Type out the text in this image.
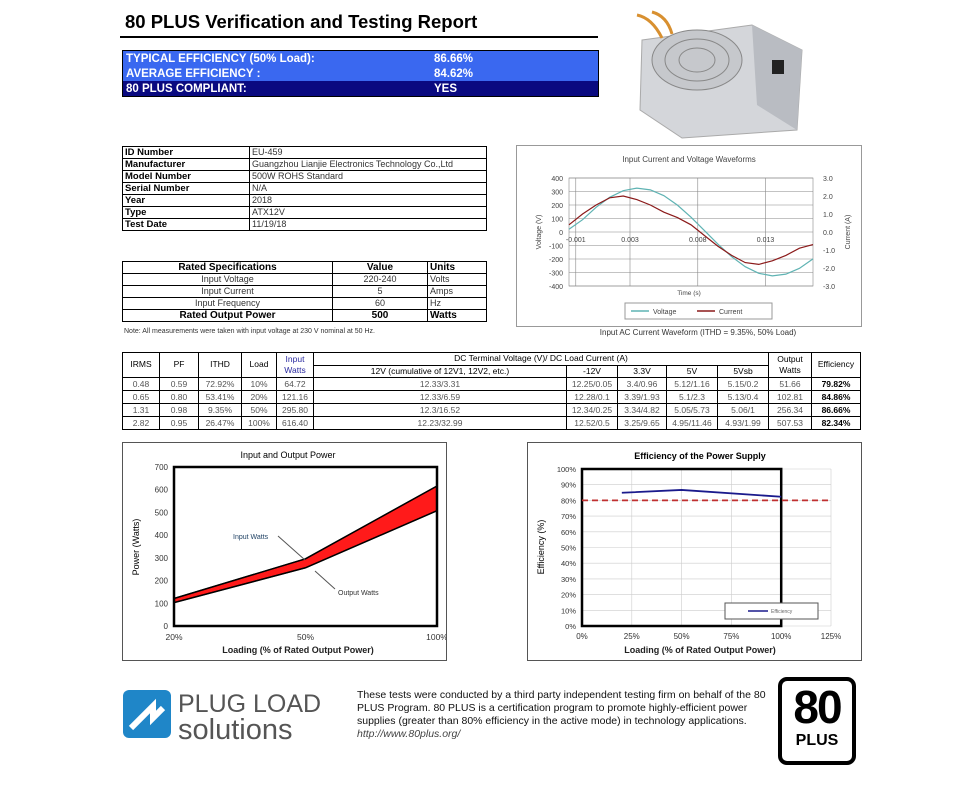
80 PLUS Verification and Testing Report
TYPICAL EFFICIENCY (50% Load):	86.66%
AVERAGE EFFICIENCY :	84.62%
80 PLUS COMPLIANT:	YES
ID Number	EU-459
Manufacturer	Guangzhou Lianjie Electronics Technology Co.,Ltd
Model Number	500W ROHS Standard
Serial Number	N/A
Year	2018
Type	ATX12V
Test Date	11/19/18
Rated Specifications	Value	Units
Input Voltage	220-240	Volts
Input Current	5	Amps
Input Frequency	60	Hz
Rated Output Power	500	Watts
Note: All measurements were taken with input voltage at 230 V nominal at 50 Hz.
Input Current and Voltage Waveforms
400
300
200
100
0
-100
-200
-300
-400
3.0
2.0
1.0
0.0
-1.0
-2.0
-3.0
-0.001	0.003	0.008	0.013
Time (s)
Voltage (V)	Current (A)
Voltage	Current
Input AC Current Waveform (ITHD = 9.35%, 50% Load)
IRMS	PF	ITHD	Load	Input Watts	DC Terminal Voltage (V)/ DC Load Current (A)					Output Watts	Efficiency
					12V (cumulative of 12V1, 12V2, etc.)	-12V	3.3V	5V	5Vsb		
0.48	0.59	72.92%	10%	64.72	12.33/3.31	12.25/0.05	3.4/0.96	5.12/1.16	5.15/0.2	51.66	79.82%
0.65	0.80	53.41%	20%	121.16	12.33/6.59	12.28/0.1	3.39/1.93	5.1/2.3	5.13/0.4	102.81	84.86%
1.31	0.98	9.35%	50%	295.80	12.3/16.52	12.34/0.25	3.34/4.82	5.05/5.73	5.06/1	256.34	86.66%
2.82	0.95	26.47%	100%	616.40	12.23/32.99	12.52/0.5	3.25/9.65	4.95/11.46	4.93/1.99	507.53	82.34%
Input and Output Power
0
100
200
300
400
500
600
700
20%	50%	100%
Input Watts
Output Watts
Loading (% of Rated Output Power)
Power (Watts)
Efficiency of the Power Supply
0%
10%
20%
30%
40%
50%
60%
70%
80%
90%
100%
0%	25%	50%	75%	100%	125%
Efficiency
Loading (% of Rated Output Power)
Efficiency (%)
PLUG LOAD
solutions
These tests were conducted by a third party independent testing firm on behalf of the 80 PLUS Program. 80 PLUS is a certification program to promote highly-efficient power supplies (greater than 80% efficiency in the active mode) in technology applications.  http://www.80plus.org/
80
PLUS
